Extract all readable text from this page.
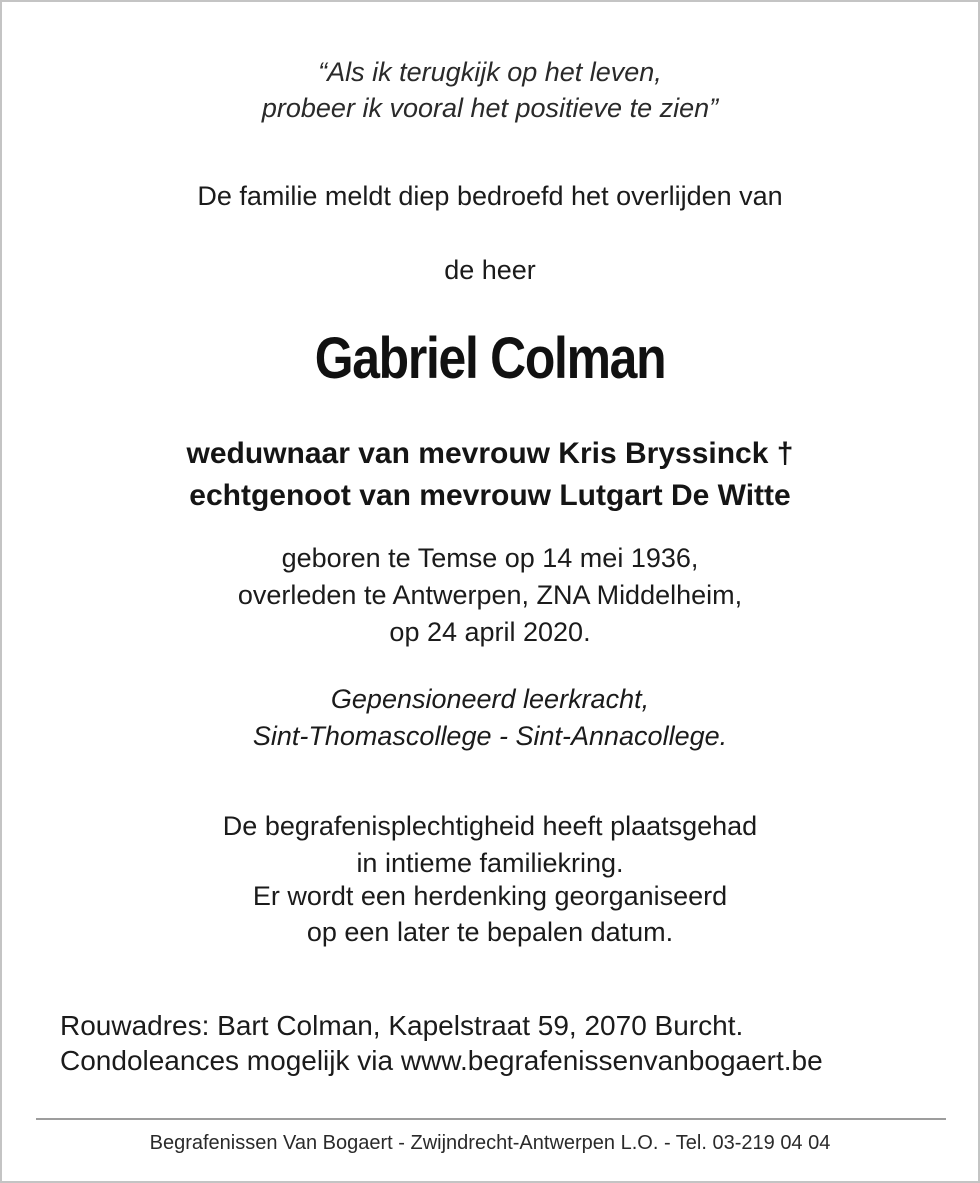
“Als ik terugkijk op het leven,
probeer ik vooral het positieve te zien”
De familie meldt diep bedroefd het overlijden van
de heer
Gabriel Colman
weduwnaar van mevrouw Kris Bryssinck †
echtgenoot van mevrouw Lutgart De Witte
geboren te Temse op 14 mei 1936,
overleden te Antwerpen, ZNA Middelheim,
op 24 april 2020.
Gepensioneerd leerkracht,
Sint-Thomascollege - Sint-Annacollege.
De begrafenisplechtigheid heeft plaatsgehad
in intieme familiekring.
Er wordt een herdenking georganiseerd
op een later te bepalen datum.
Rouwadres: Bart Colman, Kapelstraat 59, 2070 Burcht.
Condoleances mogelijk via www.begrafenissenvanbogaert.be
Begrafenissen Van Bogaert - Zwijndrecht-Antwerpen L.O. - Tel. 03-219 04 04
